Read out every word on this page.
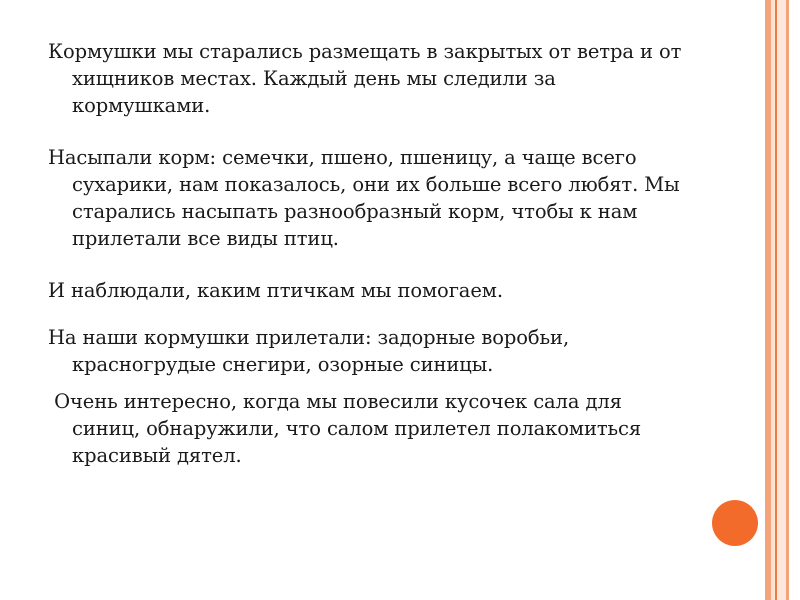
Кормушки мы старались размещать в закрытых от ветра и от хищников местах. Каждый день мы следили за кормушками.

Насыпали корм: семечки, пшено, пшеницу, а чаще всего сухарики, нам показалось, они их больше всего любят. Мы старались насыпать разнообразный корм, чтобы к нам прилетали все виды птиц.

И наблюдали, каким птичкам мы помогаем.

На наши кормушки прилетали: задорные воробьи, красногрудые снегири, озорные синицы.

Очень интересно, когда мы повесили кусочек сала для синиц, обнаружили, что салом прилетел полакомиться красивый дятел.
